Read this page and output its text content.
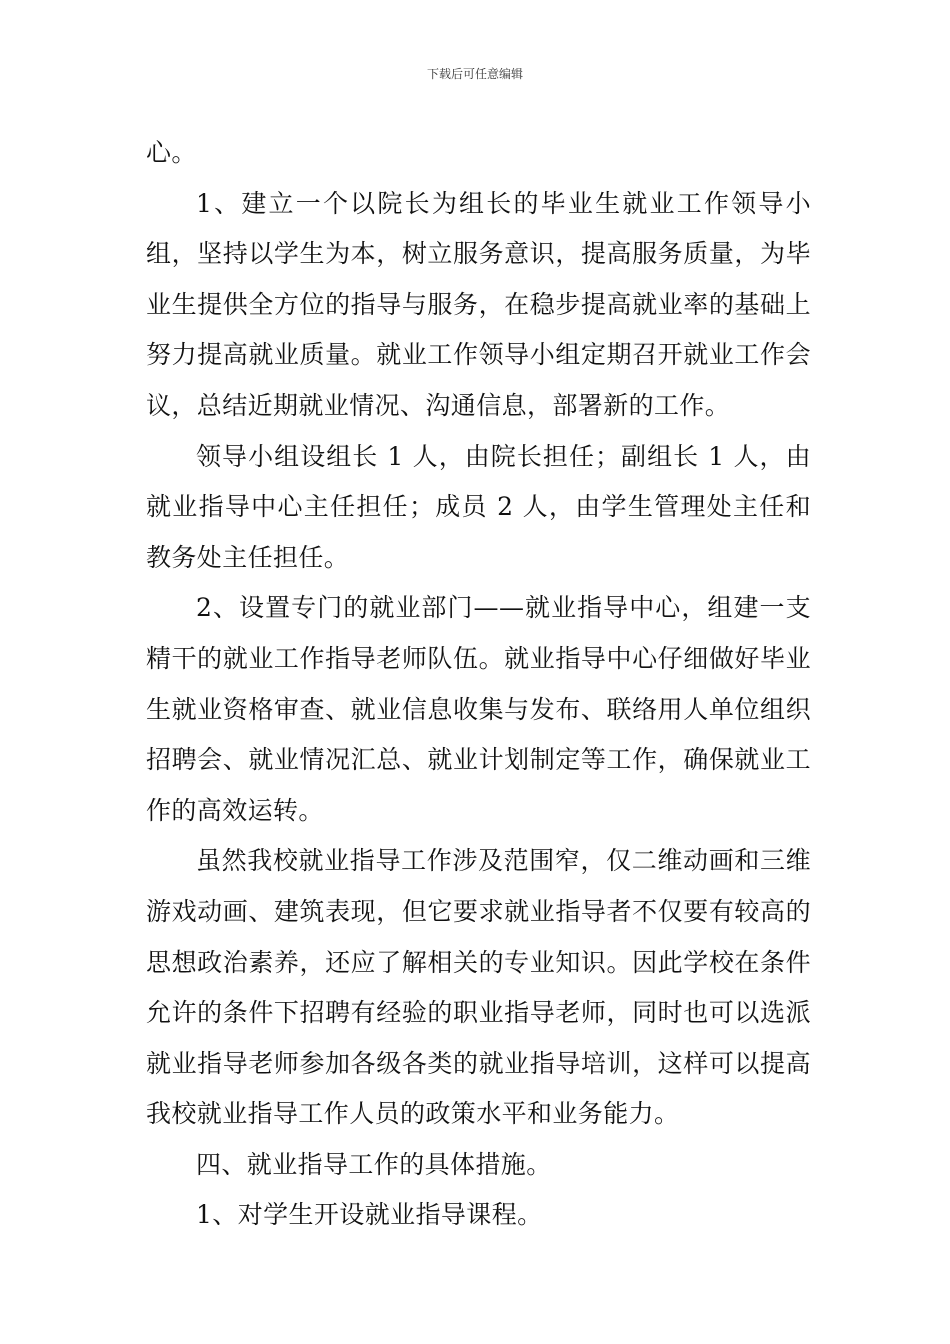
下载后可任意编辑

心。

1、建立一个以院长为组长的毕业生就业工作领导小组，坚持以学生为本，树立服务意识，提高服务质量，为毕业生提供全方位的指导与服务，在稳步提高就业率的基础上努力提高就业质量。就业工作领导小组定期召开就业工作会议，总结近期就业情况、沟通信息，部署新的工作。

领导小组设组长 1 人，由院长担任；副组长 1 人，由就业指导中心主任担任；成员 2 人，由学生管理处主任和教务处主任担任。

2、设置专门的就业部门——就业指导中心，组建一支精干的就业工作指导老师队伍。就业指导中心仔细做好毕业生就业资格审查、就业信息收集与发布、联络用人单位组织招聘会、就业情况汇总、就业计划制定等工作，确保就业工作的高效运转。

虽然我校就业指导工作涉及范围窄，仅二维动画和三维游戏动画、建筑表现，但它要求就业指导者不仅要有较高的思想政治素养，还应了解相关的专业知识。因此学校在条件允许的条件下招聘有经验的职业指导老师，同时也可以选派就业指导老师参加各级各类的就业指导培训，这样可以提高我校就业指导工作人员的政策水平和业务能力。

四、就业指导工作的具体措施。

1、对学生开设就业指导课程。
